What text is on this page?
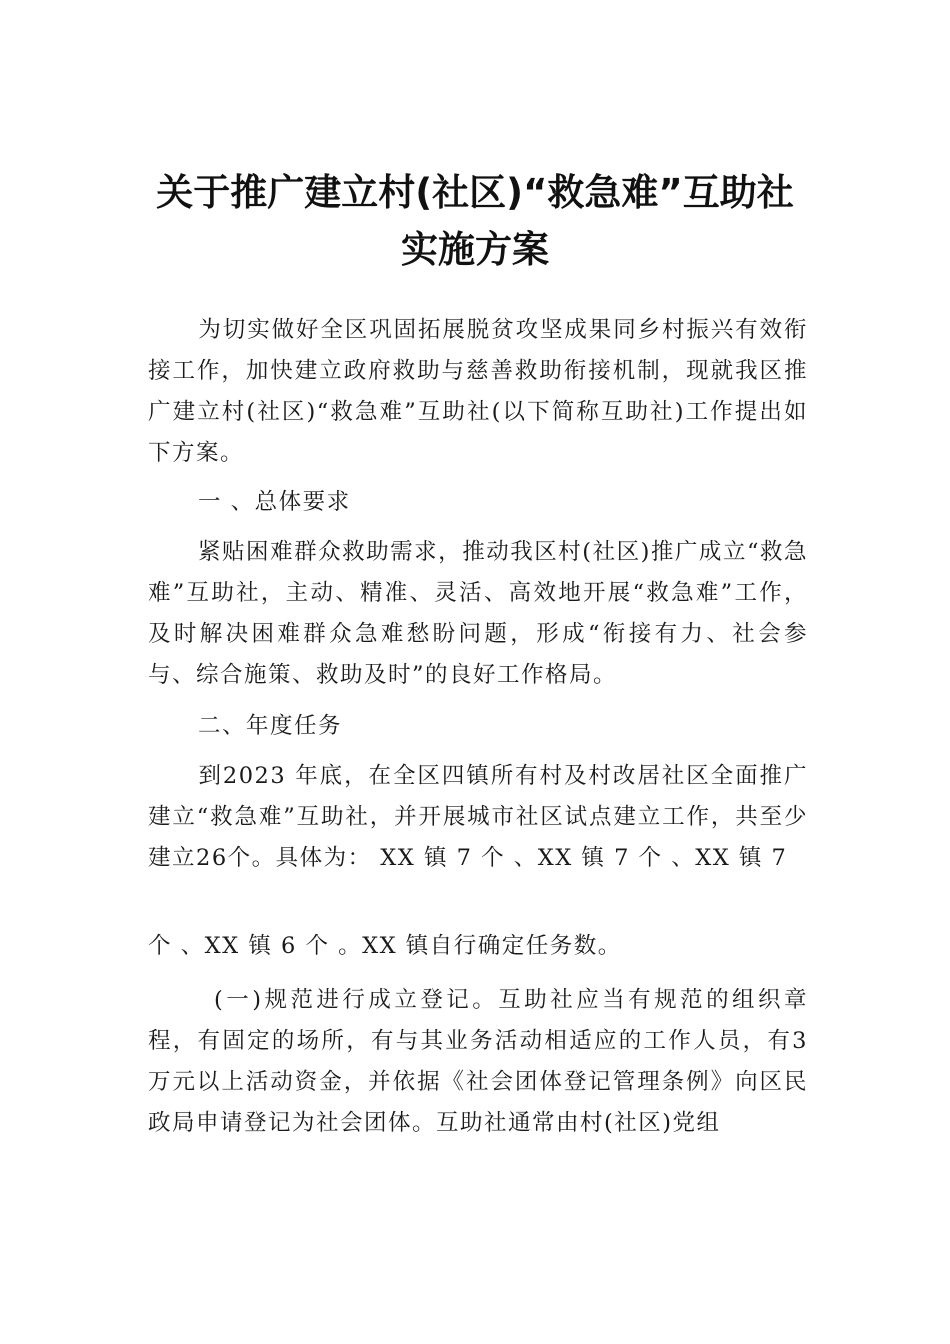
关于推广建立村(社区)“救急难”互助社
实施方案

为切实做好全区巩固拓展脱贫攻坚成果同乡村振兴有效衔接工作，加快建立政府救助与慈善救助衔接机制，现就我区推广建立村(社区)“救急难”互助社(以下简称互助社)工作提出如下方案。

一 、总体要求

紧贴困难群众救助需求，推动我区村(社区)推广成立“救急难”互助社，主动、精准、灵活、高效地开展“救急难”工作，及时解决困难群众急难愁盼问题，形成“衔接有力、社会参与、综合施策、救助及时”的良好工作格局。

二、年度任务

到2023 年底，在全区四镇所有村及村改居社区全面推广建立“救急难”互助社，并开展城市社区试点建立工作，共至少建立26个。具体为： XX 镇 7 个 、XX 镇 7 个 、XX 镇 7

个 、XX 镇 6 个 。XX 镇自行确定任务数。

(一)规范进行成立登记。互助社应当有规范的组织章程，有固定的场所，有与其业务活动相适应的工作人员，有3 万元以上活动资金，并依据《社会团体登记管理条例》向区民政局申请登记为社会团体。互助社通常由村(社区)党组
